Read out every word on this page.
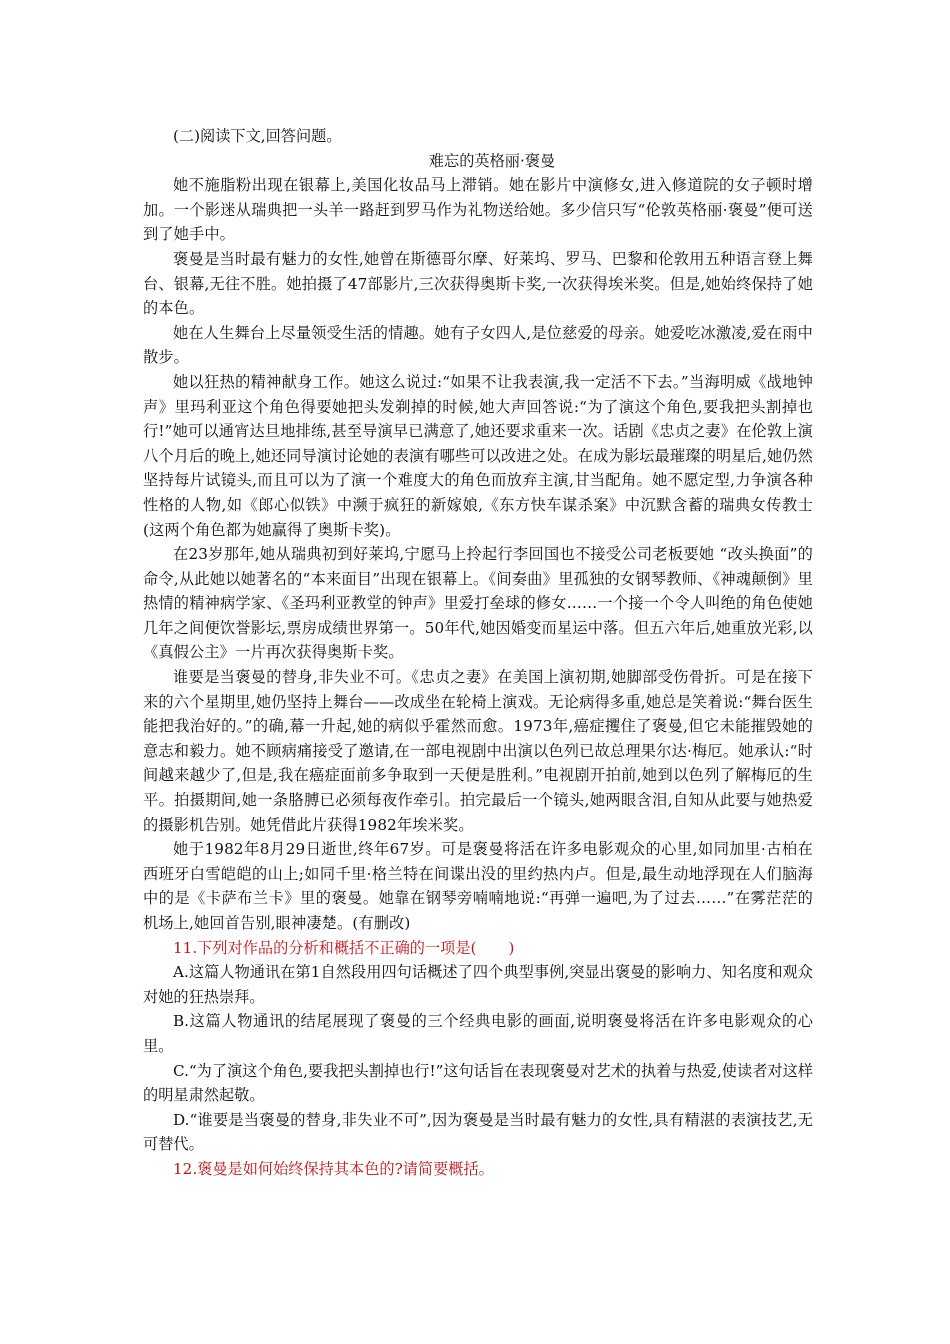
(二)阅读下文,回答问题。

难忘的英格丽·褒曼

她不施脂粉出现在银幕上,美国化妆品马上滞销。她在影片中演修女,进入修道院的女子顿时增加。一个影迷从瑞典把一头羊一路赶到罗马作为礼物送给她。多少信只写“伦敦英格丽·褒曼”便可送到了她手中。

褒曼是当时最有魅力的女性,她曾在斯德哥尔摩、好莱坞、罗马、巴黎和伦敦用五种语言登上舞台、银幕,无往不胜。她拍摄了47部影片,三次获得奥斯卡奖,一次获得埃米奖。但是,她始终保持了她的本色。

她在人生舞台上尽量领受生活的情趣。她有子女四人,是位慈爱的母亲。她爱吃冰激凌,爱在雨中散步。

她以狂热的精神献身工作。她这么说过:“如果不让我表演,我一定活不下去。”当海明威《战地钟声》里玛利亚这个角色得要她把头发剃掉的时候,她大声回答说:“为了演这个角色,要我把头割掉也行!”她可以通宵达旦地排练,甚至导演早已满意了,她还要求重来一次。话剧《忠贞之妻》在伦敦上演八个月后的晚上,她还同导演讨论她的表演有哪些可以改进之处。在成为影坛最璀璨的明星后,她仍然坚持每片试镜头,而且可以为了演一个难度大的角色而放弃主演,甘当配角。她不愿定型,力争演各种性格的人物,如《郎心似铁》中濒于疯狂的新嫁娘,《东方快车谋杀案》中沉默含蓄的瑞典女传教士(这两个角色都为她赢得了奥斯卡奖)。

在23岁那年,她从瑞典初到好莱坞,宁愿马上拎起行李回国也不接受公司老板要她 “改头换面”的命令,从此她以她著名的“本来面目”出现在银幕上。《间奏曲》里孤独的女钢琴教师、《神魂颠倒》里热情的精神病学家、《圣玛利亚教堂的钟声》里爱打垒球的修女……一个接一个令人叫绝的角色使她几年之间便饮誉影坛,票房成绩世界第一。50年代,她因婚变而星运中落。但五六年后,她重放光彩,以《真假公主》一片再次获得奥斯卡奖。

谁要是当褒曼的替身,非失业不可。《忠贞之妻》在美国上演初期,她脚部受伤骨折。可是在接下来的六个星期里,她仍坚持上舞台——改成坐在轮椅上演戏。无论病得多重,她总是笑着说:“舞台医生能把我治好的。”的确,幕一升起,她的病似乎霍然而愈。1973年,癌症攫住了褒曼,但它未能摧毁她的意志和毅力。她不顾病痛接受了邀请,在一部电视剧中出演以色列已故总理果尔达·梅厄。她承认:“时间越来越少了,但是,我在癌症面前多争取到一天便是胜利。”电视剧开拍前,她到以色列了解梅厄的生平。拍摄期间,她一条胳膊已必须每夜作牵引。拍完最后一个镜头,她两眼含泪,自知从此要与她热爱的摄影机告别。她凭借此片获得1982年埃米奖。

她于1982年8月29日逝世,终年67岁。可是褒曼将活在许多电影观众的心里,如同加里·古柏在西班牙白雪皑皑的山上;如同千里·格兰特在间谍出没的里约热内卢。但是,最生动地浮现在人们脑海中的是《卡萨布兰卡》里的褒曼。她靠在钢琴旁喃喃地说:“再弹一遍吧,为了过去……”在雾茫茫的机场上,她回首告别,眼神凄楚。(有删改)

11.下列对作品的分析和概括不正确的一项是( )

A.这篇人物通讯在第1自然段用四句话概述了四个典型事例,突显出褒曼的影响力、知名度和观众对她的狂热崇拜。

B.这篇人物通讯的结尾展现了褒曼的三个经典电影的画面,说明褒曼将活在许多电影观众的心里。

C.“为了演这个角色,要我把头割掉也行!”这句话旨在表现褒曼对艺术的执着与热爱,使读者对这样的明星肃然起敬。

D.“谁要是当褒曼的替身,非失业不可”,因为褒曼是当时最有魅力的女性,具有精湛的表演技艺,无可替代。

12.褒曼是如何始终保持其本色的?请简要概括。
